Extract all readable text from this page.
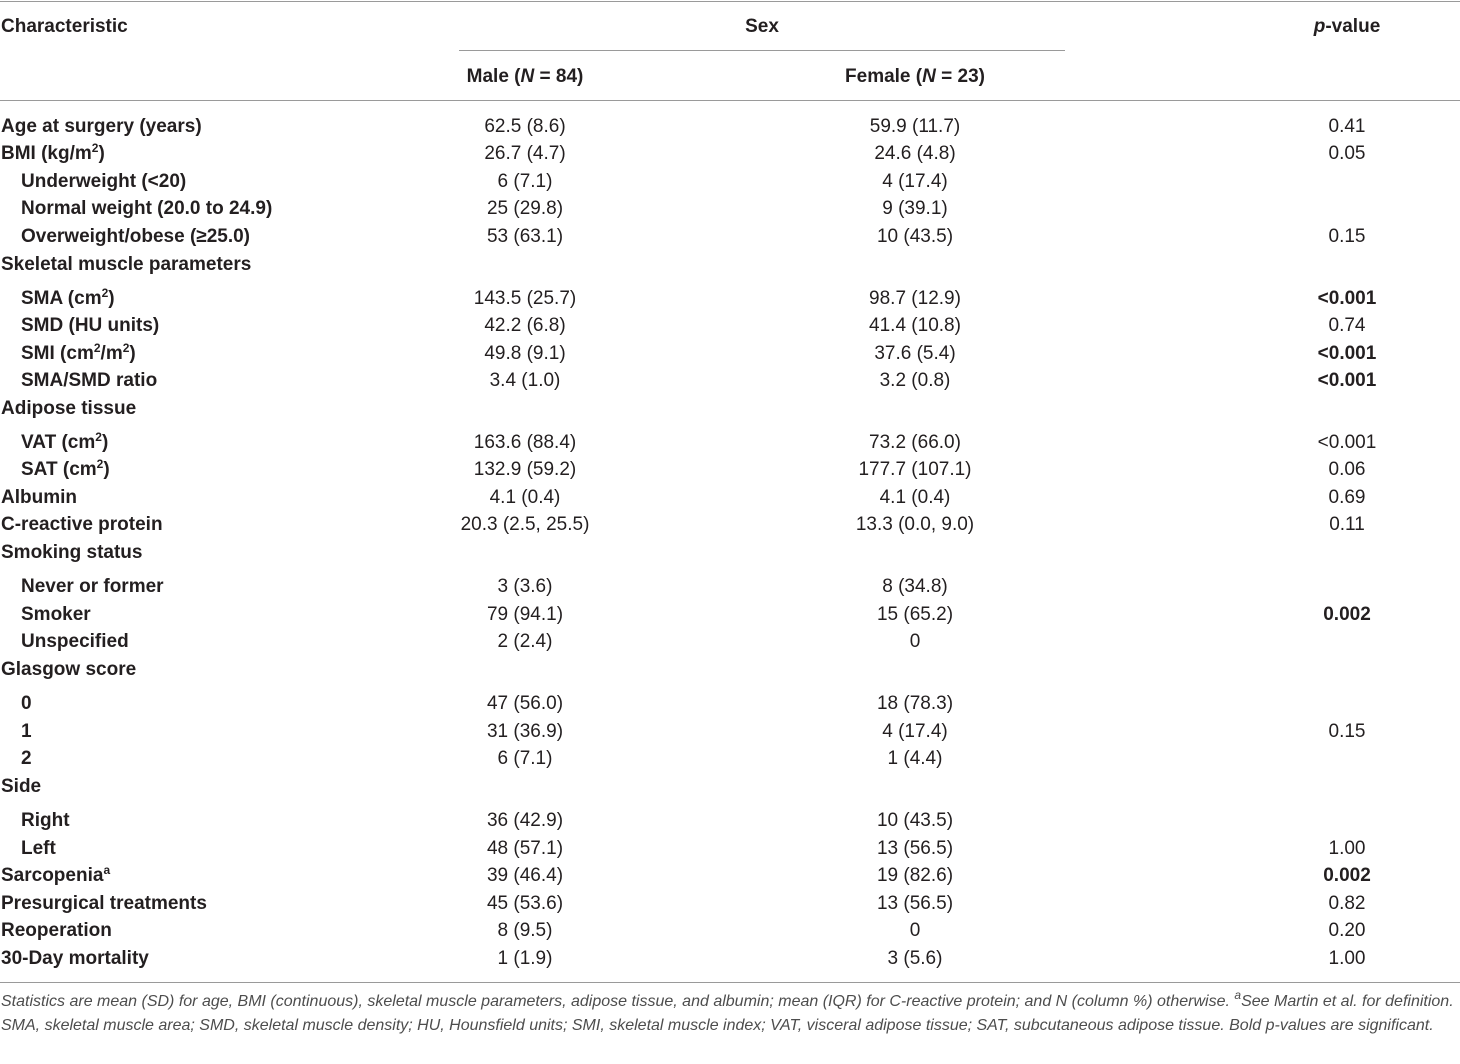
Characteristic	Sex	p-value
Male (N = 84)	Female (N = 23)
Age at surgery (years)	62.5 (8.6)	59.9 (11.7)	0.41
BMI $(kg/m^2)$	26.7 (4.7)	24.6 (4.8)	0.05
Underweight (<20)	6 (7.1)	4 (17.4)
Normal weight (20.0 to 24.9)	25 (29.8)	9 (39.1)
Overweight/obese (≥25.0)	53 (63.1)	10 (43.5)	0.15
Skeletal muscle parameters
SMA $(cm^2)$	143.5 (25.7)	98.7 (12.9)	<0.001
SMD (HU units)	42.2 (6.8)	41.4 (10.8)	0.74
SMI $(cm^2/m^2)$	49.8 (9.1)	37.6 (5.4)	<0.001
SMA/SMD ratio	3.4 (1.0)	3.2 (0.8)	<0.001
Adipose tissue
VAT $(cm^2)$	163.6 (88.4)	73.2 (66.0)	<0.001
SAT $(cm^2)$	132.9 (59.2)	177.7 (107.1)	0.06
Albumin	4.1 (0.4)	4.1 (0.4)	0.69
C-reactive protein	20.3 (2.5, 25.5)	13.3 (0.0, 9.0)	0.11
Smoking status
Never or former	3 (3.6)	8 (34.8)
Smoker	79 (94.1)	15 (65.2)	0.002
Unspecified	2 (2.4)	0
Glasgow score
0	47 (56.0)	18 (78.3)
1	31 (36.9)	4 (17.4)	0.15
2	6 (7.1)	1 (4.4)
Side
Right	36 (42.9)	10 (43.5)
Left	48 (57.1)	13 (56.5)	1.00
Sarcopenia$^a$	39 (46.4)	19 (82.6)	0.002
Presurgical treatments	45 (53.6)	13 (56.5)	0.82
Reoperation	8 (9.5)	0	0.20
30-Day mortality	1 (1.9)	3 (5.6)	1.00
Statistics are mean (SD) for age, BMI (continuous), skeletal muscle parameters, adipose tissue, and albumin; mean (IQR) for C-reactive protein; and N (column %) otherwise. $^a$See Martin et al. for definition. SMA, skeletal muscle area; SMD, skeletal muscle density; HU, Hounsfield units; SMI, skeletal muscle index; VAT, visceral adipose tissue; SAT, subcutaneous adipose tissue. Bold p-values are significant.
